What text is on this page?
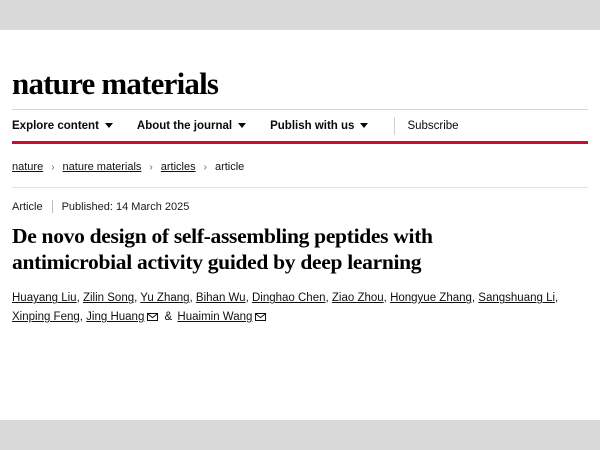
nature materials
Explore content	About the journal	Publish with us	Subscribe
nature › nature materials › articles › article
Article Published: 14 March 2025
De novo design of self-assembling peptides with
antimicrobial activity guided by deep learning
Huayang Liu, Zilin Song, Yu Zhang, Bihan Wu, Dinghao Chen, Ziao Zhou, Hongyue Zhang, Sangshuang Li, Xinping Feng, Jing Huang & Huaimin Wang
